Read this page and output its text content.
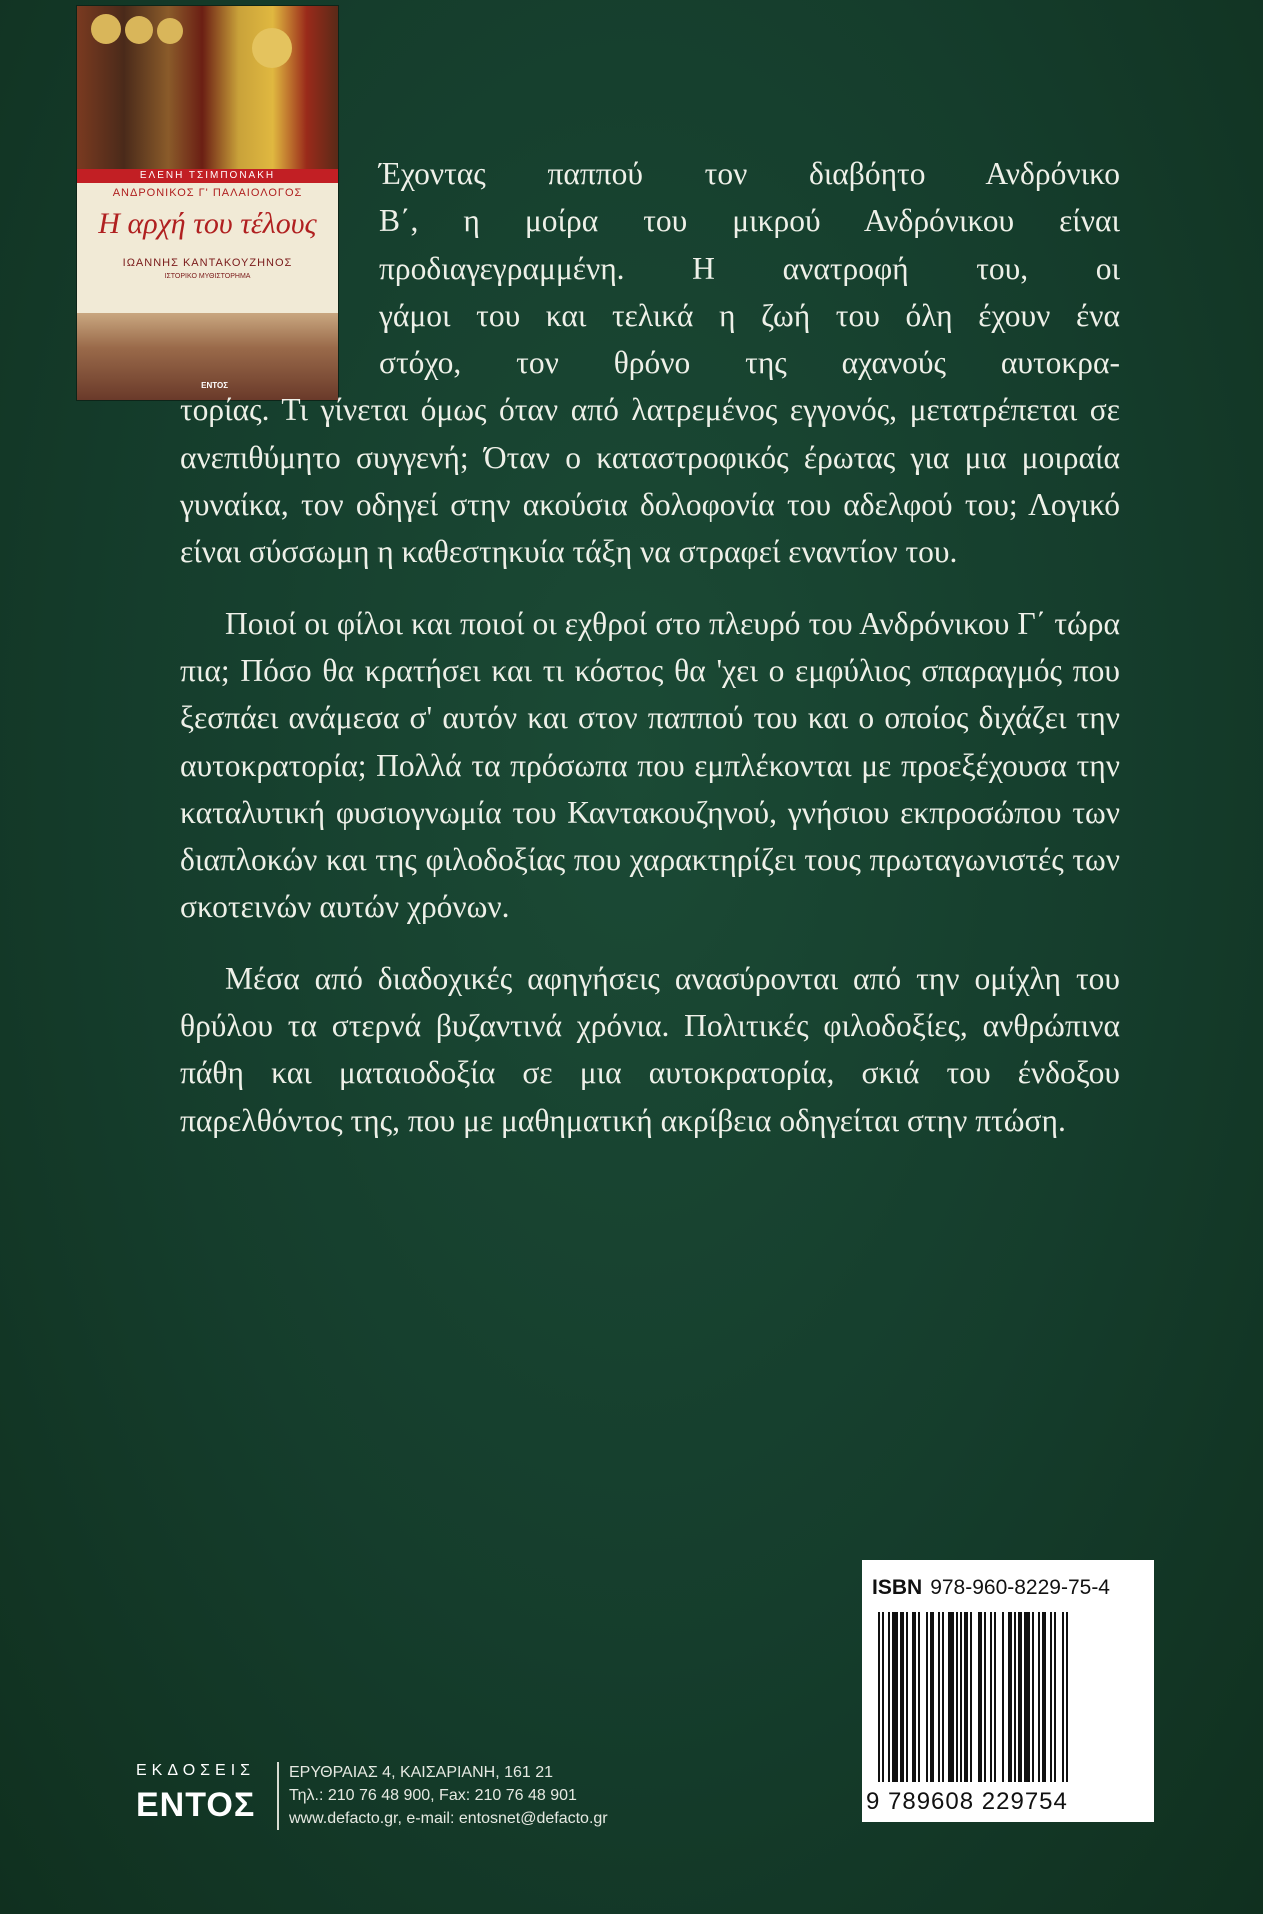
ΕΛΕΝΗ ΤΣΙΜΠΟΝΑΚΗ
ΑΝΔΡΟΝΙΚΟΣ Γ' ΠΑΛΑΙΟΛΟΓΟΣ
Η αρχή του τέλους
ΙΩΑΝΝΗΣ ΚΑΝΤΑΚΟΥΖΗΝΟΣ
ΙΣΤΟΡΙΚΟ ΜΥΘΙΣΤΟΡΗΜΑ
ΕΝΤΟΣ

Έχοντας παππού τον διαβόητο Ανδρόνικο
Β΄, η μοίρα του μικρού Ανδρόνικου είναι
προδιαγεγραμμένη. Η ανατροφή του, οι
γάμοι του και τελικά η ζωή του όλη έχουν ένα
στόχο, τον θρόνο της αχανούς αυτοκρα-
τορίας. Τι γίνεται όμως όταν από λατρεμένος εγγονός, μετατρέπεται σε ανεπιθύμητο συγγενή; Όταν ο καταστροφικός έρωτας για μια μοιραία γυναίκα, τον οδηγεί στην ακούσια δολοφονία του αδελφού του; Λογικό είναι σύσσωμη η καθεστηκυία τάξη να στραφεί εναντίον του.

Ποιοί οι φίλοι και ποιοί οι εχθροί στο πλευρό του Ανδρόνικου Γ΄ τώρα πια; Πόσο θα κρατήσει και τι κόστος θα 'χει ο εμφύλιος σπαραγμός που ξεσπάει ανάμεσα σ' αυτόν και στον παππού του και ο οποίος διχάζει την αυτοκρατορία; Πολλά τα πρόσωπα που εμπλέκονται με προεξέχουσα την καταλυτική φυσιογνωμία του Καντακουζηνού, γνήσιου εκπροσώπου των διαπλοκών και της φιλοδοξίας που χαρακτηρίζει τους πρωταγωνιστές των σκοτεινών αυτών χρόνων.

Μέσα από διαδοχικές αφηγήσεις ανασύρονται από την ομίχλη του θρύλου τα στερνά βυζαντινά χρόνια. Πολιτικές φιλοδοξίες, ανθρώπινα πάθη και ματαιοδοξία σε μια αυτοκρατορία, σκιά του ένδοξου παρελθόντος της, που με μαθηματική ακρίβεια οδηγείται στην πτώση.

ISBN 978-960-8229-75-4
9 789608 229754
ΕΚΔΟΣΕΙΣ
ΕΝΤΟΣ
ΕΡΥΘΡΑΙΑΣ 4, ΚΑΙΣΑΡΙΑΝΗ, 161 21
Τηλ.: 210 76 48 900, Fax: 210 76 48 901
www.defacto.gr, e-mail: entosnet@defacto.gr
